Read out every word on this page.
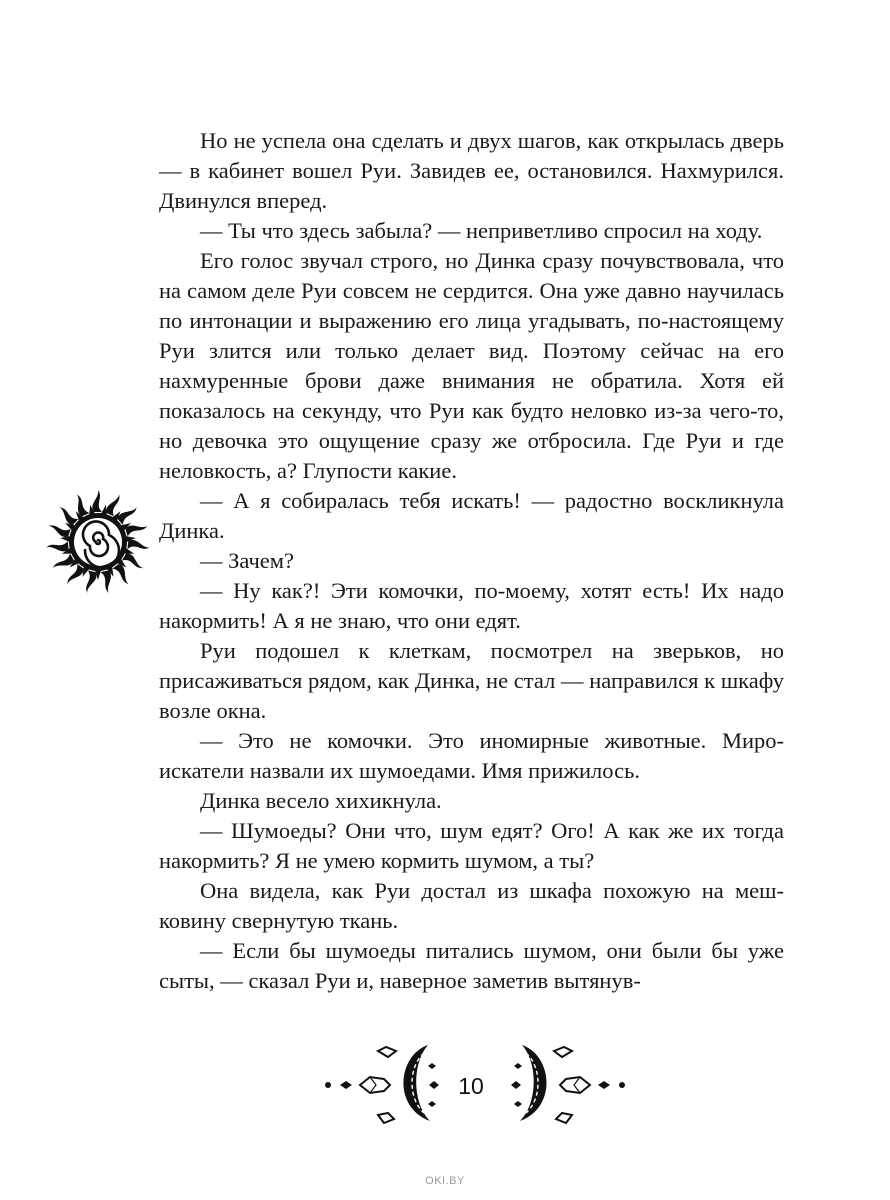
Но не успела она сделать и двух шагов, как открылась дверь — в кабинет вошел Руи. Завидев ее, остановился. Нахмурился. Двинулся вперед.

— Ты что здесь забыла? — неприветливо спросил на ходу.

Его голос звучал строго, но Динка сразу почувствовала, что на самом деле Руи совсем не сердится. Она уже давно научилась по интонации и выражению его лица угадывать, по-настоящему Руи злится или только делает вид. Поэтому сейчас на его нахмуренные брови даже внимания не обратила. Хотя ей показалось на секунду, что Руи как будто неловко из-за чего-то, но девочка это ощущение сразу же отбросила. Где Руи и где неловкость, а? Глупости какие.

— А я собиралась тебя искать! — радостно воскликнула Динка.

— Зачем?

— Ну как?! Эти комочки, по-моему, хотят есть! Их надо накормить! А я не знаю, что они едят.

Руи подошел к клеткам, посмотрел на зверьков, но присаживаться рядом, как Динка, не стал — направился к шкафу возле окна.

— Это не комочки. Это иномирные животные. Мироискатели назвали их шумоедами. Имя прижилось.

Динка весело хихикнула.

— Шумоеды? Они что, шум едят? Ого! А как же их тогда накормить? Я не умею кормить шумом, а ты?

Она видела, как Руи достал из шкафа похожую на мешковину свернутую ткань.

— Если бы шумоеды питались шумом, они были бы уже сыты, — сказал Руи и, наверное заметив вытянув-

10
OKI.BY
